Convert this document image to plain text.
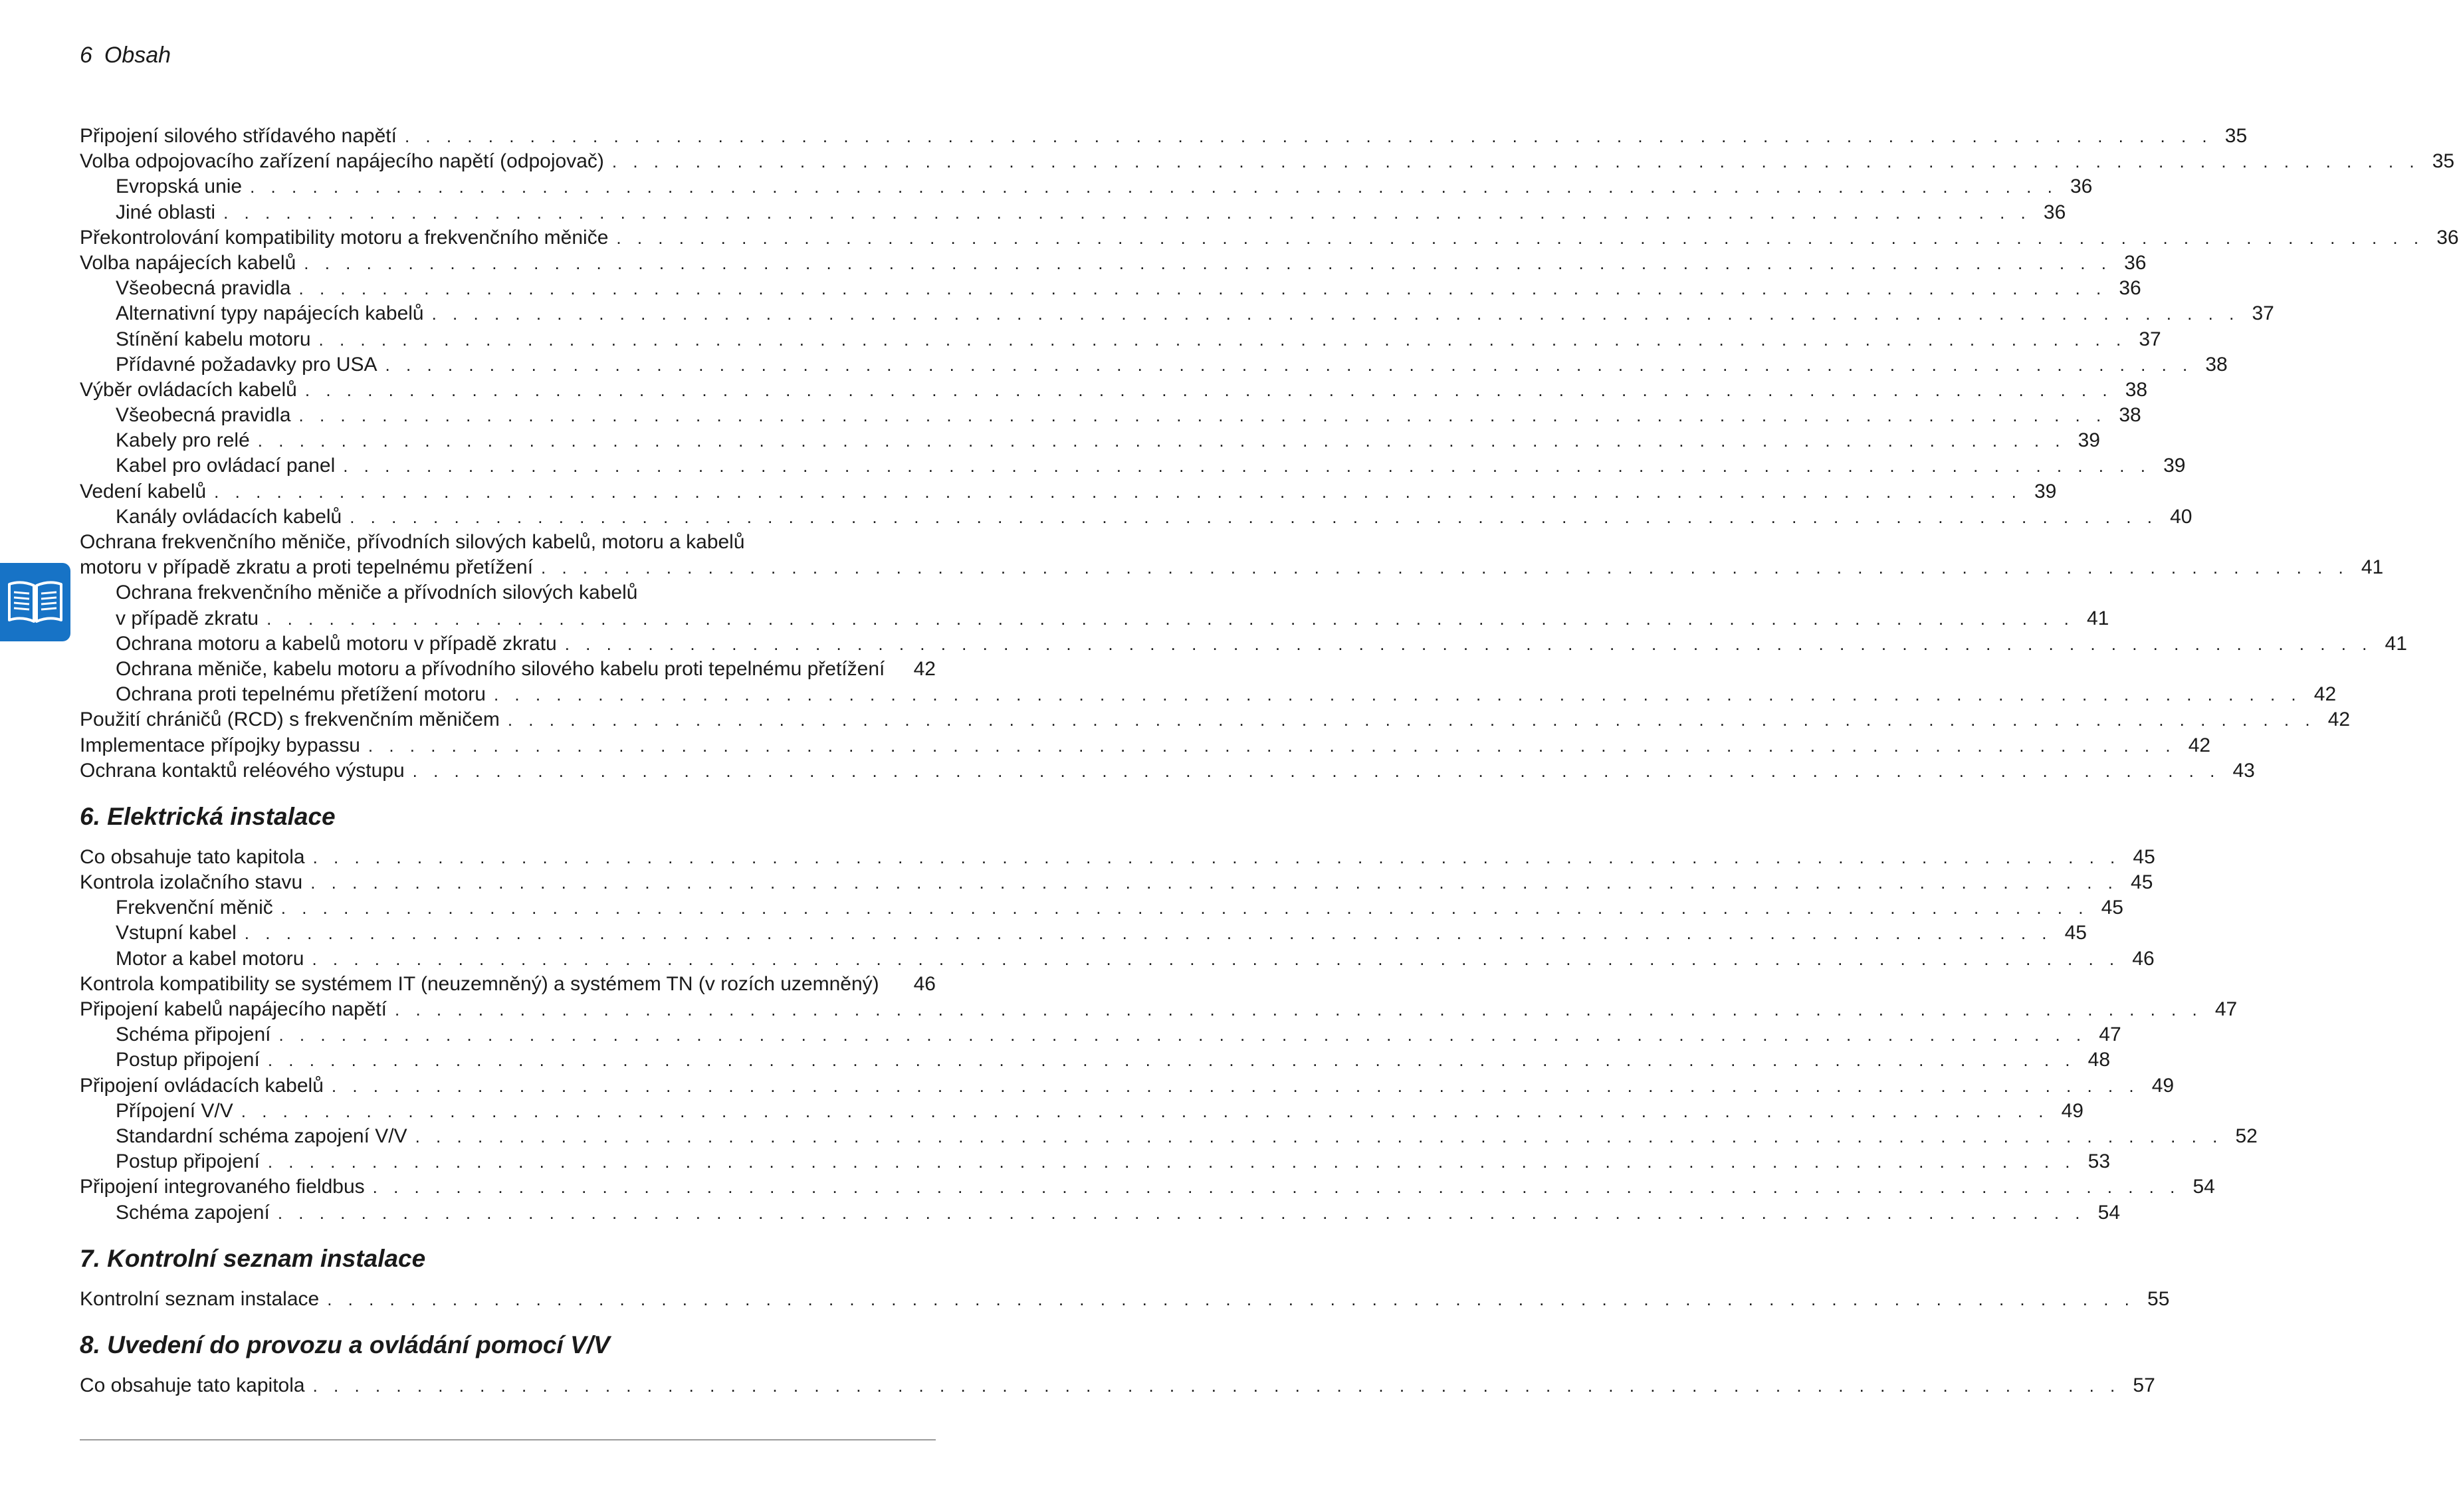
6 Obsah
Připojení silového střídavého napětí . . . . . . . . . . . . . . . . . . . . . . . . . . . . . . . . . . . . . . . . . . . . . . . . . . . . . . . . . . . . . . . . . . . . . . . . . . . . . . . . . . . . . . . 35
Volba odpojovacího zařízení napájecího napětí (odpojovač) . . . . . . . . . . . . . . . . . . . . . . . . . . . . . . . . . . . . . . . . . . . . . . . . . . . . . . . . . . . . . . . . . . . . . . . . . . . . . . . . . . . . . . . 35
Evropská unie . . . . . . . . . . . . . . . . . . . . . . . . . . . . . . . . . . . . . . . . . . . . . . . . . . . . . . . . . . . . . . . . . . . . . . . . . . . . . . . . . . . . . . . 36
Jiné oblasti . . . . . . . . . . . . . . . . . . . . . . . . . . . . . . . . . . . . . . . . . . . . . . . . . . . . . . . . . . . . . . . . . . . . . . . . . . . . . . . . . . . . . . . 36
Překontrolování kompatibility motoru a frekvenčního měniče . . . . . . . . . . . . . . . . . . . . . . . . . . . . . . . . . . . . . . . . . . . . . . . . . . . . . . . . . . . . . . . . . . . . . . . . . . . . . . . . . . . . . . . 36
Volba napájecích kabelů . . . . . . . . . . . . . . . . . . . . . . . . . . . . . . . . . . . . . . . . . . . . . . . . . . . . . . . . . . . . . . . . . . . . . . . . . . . . . . . . . . . . . . . 36
Všeobecná pravidla . . . . . . . . . . . . . . . . . . . . . . . . . . . . . . . . . . . . . . . . . . . . . . . . . . . . . . . . . . . . . . . . . . . . . . . . . . . . . . . . . . . . . . . 36
Alternativní typy napájecích kabelů . . . . . . . . . . . . . . . . . . . . . . . . . . . . . . . . . . . . . . . . . . . . . . . . . . . . . . . . . . . . . . . . . . . . . . . . . . . . . . . . . . . . . . . 37
Stínění kabelu motoru . . . . . . . . . . . . . . . . . . . . . . . . . . . . . . . . . . . . . . . . . . . . . . . . . . . . . . . . . . . . . . . . . . . . . . . . . . . . . . . . . . . . . . . 37
Přídavné požadavky pro USA . . . . . . . . . . . . . . . . . . . . . . . . . . . . . . . . . . . . . . . . . . . . . . . . . . . . . . . . . . . . . . . . . . . . . . . . . . . . . . . . . . . . . . . 38
Výběr ovládacích kabelů . . . . . . . . . . . . . . . . . . . . . . . . . . . . . . . . . . . . . . . . . . . . . . . . . . . . . . . . . . . . . . . . . . . . . . . . . . . . . . . . . . . . . . . 38
Všeobecná pravidla . . . . . . . . . . . . . . . . . . . . . . . . . . . . . . . . . . . . . . . . . . . . . . . . . . . . . . . . . . . . . . . . . . . . . . . . . . . . . . . . . . . . . . . 38
Kabely pro relé . . . . . . . . . . . . . . . . . . . . . . . . . . . . . . . . . . . . . . . . . . . . . . . . . . . . . . . . . . . . . . . . . . . . . . . . . . . . . . . . . . . . . . . 39
Kabel pro ovládací panel . . . . . . . . . . . . . . . . . . . . . . . . . . . . . . . . . . . . . . . . . . . . . . . . . . . . . . . . . . . . . . . . . . . . . . . . . . . . . . . . . . . . . . . 39
Vedení kabelů . . . . . . . . . . . . . . . . . . . . . . . . . . . . . . . . . . . . . . . . . . . . . . . . . . . . . . . . . . . . . . . . . . . . . . . . . . . . . . . . . . . . . . . 39
Kanály ovládacích kabelů . . . . . . . . . . . . . . . . . . . . . . . . . . . . . . . . . . . . . . . . . . . . . . . . . . . . . . . . . . . . . . . . . . . . . . . . . . . . . . . . . . . . . . . 40
Ochrana frekvenčního měniče, přívodních silových kabelů, motoru a kabelů
motoru v případě zkratu a proti tepelnému přetížení . . . . . . . . . . . . . . . . . . . . . . . . . . . . . . . . . . . . . . . . . . . . . . . . . . . . . . . . . . . . . . . . . . . . . . . . . . . . . . . . . . . . . . . 41
Ochrana frekvenčního měniče a přívodních silových kabelů
v případě zkratu . . . . . . . . . . . . . . . . . . . . . . . . . . . . . . . . . . . . . . . . . . . . . . . . . . . . . . . . . . . . . . . . . . . . . . . . . . . . . . . . . . . . . . . 41
Ochrana motoru a kabelů motoru v případě zkratu . . . . . . . . . . . . . . . . . . . . . . . . . . . . . . . . . . . . . . . . . . . . . . . . . . . . . . . . . . . . . . . . . . . . . . . . . . . . . . . . . . . . . . . 41
Ochrana měniče, kabelu motoru a přívodního silového kabelu proti tepelnému přetížení 42
Ochrana proti tepelnému přetížení motoru . . . . . . . . . . . . . . . . . . . . . . . . . . . . . . . . . . . . . . . . . . . . . . . . . . . . . . . . . . . . . . . . . . . . . . . . . . . . . . . . . . . . . . . 42
Použití chráničů (RCD) s frekvenčním měničem . . . . . . . . . . . . . . . . . . . . . . . . . . . . . . . . . . . . . . . . . . . . . . . . . . . . . . . . . . . . . . . . . . . . . . . . . . . . . . . . . . . . . . . 42
Implementace přípojky bypassu . . . . . . . . . . . . . . . . . . . . . . . . . . . . . . . . . . . . . . . . . . . . . . . . . . . . . . . . . . . . . . . . . . . . . . . . . . . . . . . . . . . . . . . 42
Ochrana kontaktů reléového výstupu . . . . . . . . . . . . . . . . . . . . . . . . . . . . . . . . . . . . . . . . . . . . . . . . . . . . . . . . . . . . . . . . . . . . . . . . . . . . . . . . . . . . . . . 43
6. Elektrická instalace
Co obsahuje tato kapitola . . . . . . . . . . . . . . . . . . . . . . . . . . . . . . . . . . . . . . . . . . . . . . . . . . . . . . . . . . . . . . . . . . . . . . . . . . . . . . . . . . . . . . . 45
Kontrola izolačního stavu . . . . . . . . . . . . . . . . . . . . . . . . . . . . . . . . . . . . . . . . . . . . . . . . . . . . . . . . . . . . . . . . . . . . . . . . . . . . . . . . . . . . . . . 45
Frekvenční měnič . . . . . . . . . . . . . . . . . . . . . . . . . . . . . . . . . . . . . . . . . . . . . . . . . . . . . . . . . . . . . . . . . . . . . . . . . . . . . . . . . . . . . . . 45
Vstupní kabel . . . . . . . . . . . . . . . . . . . . . . . . . . . . . . . . . . . . . . . . . . . . . . . . . . . . . . . . . . . . . . . . . . . . . . . . . . . . . . . . . . . . . . . 45
Motor a kabel motoru . . . . . . . . . . . . . . . . . . . . . . . . . . . . . . . . . . . . . . . . . . . . . . . . . . . . . . . . . . . . . . . . . . . . . . . . . . . . . . . . . . . . . . . 46
Kontrola kompatibility se systémem IT (neuzemněný) a systémem TN (v rozích uzemněný) 46
Připojení kabelů napájecího napětí . . . . . . . . . . . . . . . . . . . . . . . . . . . . . . . . . . . . . . . . . . . . . . . . . . . . . . . . . . . . . . . . . . . . . . . . . . . . . . . . . . . . . . . 47
Schéma připojení . . . . . . . . . . . . . . . . . . . . . . . . . . . . . . . . . . . . . . . . . . . . . . . . . . . . . . . . . . . . . . . . . . . . . . . . . . . . . . . . . . . . . . . 47
Postup připojení . . . . . . . . . . . . . . . . . . . . . . . . . . . . . . . . . . . . . . . . . . . . . . . . . . . . . . . . . . . . . . . . . . . . . . . . . . . . . . . . . . . . . . . 48
Připojení ovládacích kabelů . . . . . . . . . . . . . . . . . . . . . . . . . . . . . . . . . . . . . . . . . . . . . . . . . . . . . . . . . . . . . . . . . . . . . . . . . . . . . . . . . . . . . . . 49
Přípojení V/V . . . . . . . . . . . . . . . . . . . . . . . . . . . . . . . . . . . . . . . . . . . . . . . . . . . . . . . . . . . . . . . . . . . . . . . . . . . . . . . . . . . . . . . 49
Standardní schéma zapojení V/V . . . . . . . . . . . . . . . . . . . . . . . . . . . . . . . . . . . . . . . . . . . . . . . . . . . . . . . . . . . . . . . . . . . . . . . . . . . . . . . . . . . . . . . 52
Postup připojení . . . . . . . . . . . . . . . . . . . . . . . . . . . . . . . . . . . . . . . . . . . . . . . . . . . . . . . . . . . . . . . . . . . . . . . . . . . . . . . . . . . . . . . 53
Připojení integrovaného fieldbus . . . . . . . . . . . . . . . . . . . . . . . . . . . . . . . . . . . . . . . . . . . . . . . . . . . . . . . . . . . . . . . . . . . . . . . . . . . . . . . . . . . . . . . 54
Schéma zapojení . . . . . . . . . . . . . . . . . . . . . . . . . . . . . . . . . . . . . . . . . . . . . . . . . . . . . . . . . . . . . . . . . . . . . . . . . . . . . . . . . . . . . . . 54
7. Kontrolní seznam instalace
Kontrolní seznam instalace . . . . . . . . . . . . . . . . . . . . . . . . . . . . . . . . . . . . . . . . . . . . . . . . . . . . . . . . . . . . . . . . . . . . . . . . . . . . . . . . . . . . . . . 55
8. Uvedení do provozu a ovládání pomocí V/V
Co obsahuje tato kapitola . . . . . . . . . . . . . . . . . . . . . . . . . . . . . . . . . . . . . . . . . . . . . . . . . . . . . . . . . . . . . . . . . . . . . . . . . . . . . . . . . . . . . . . 57
